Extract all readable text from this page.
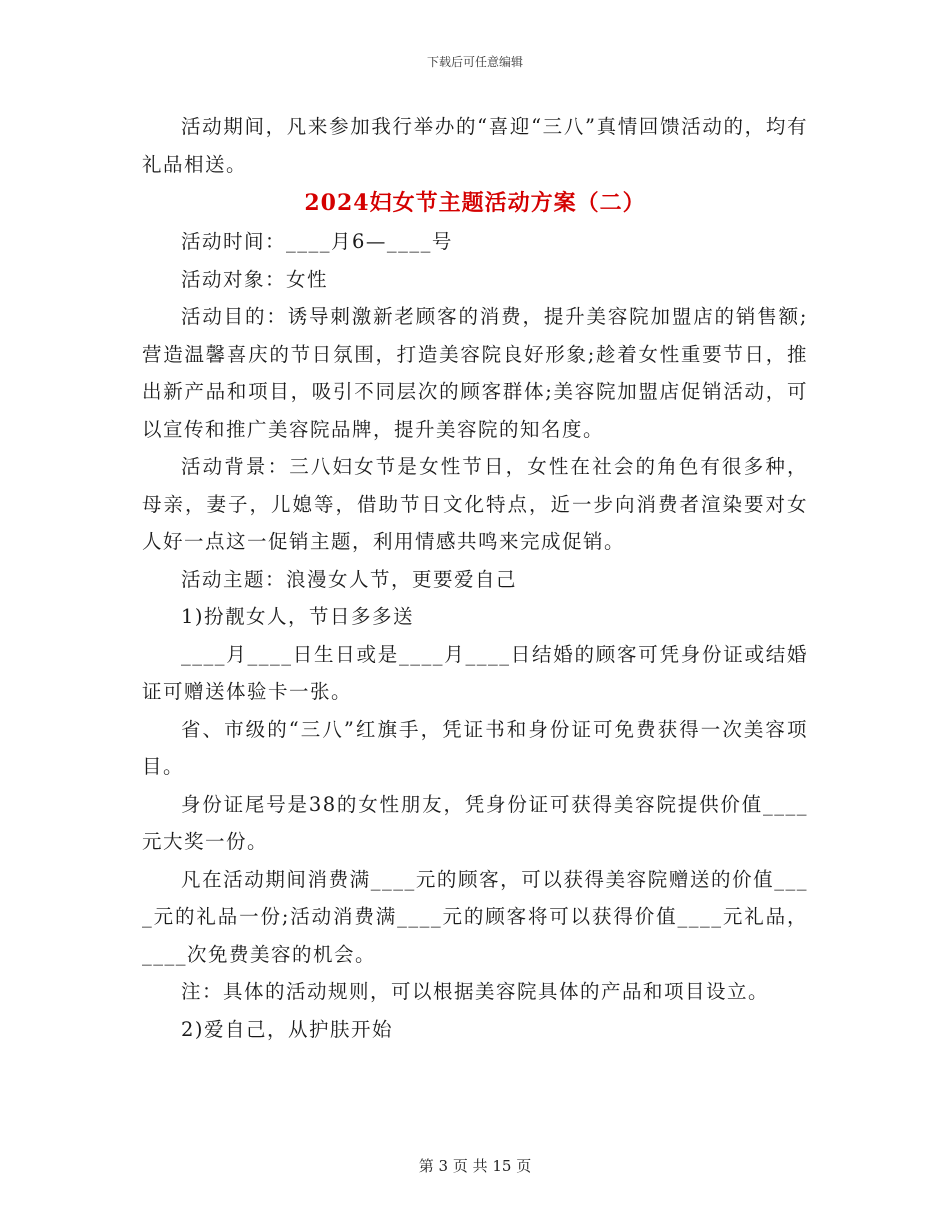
下载后可任意编辑

活动期间，凡来参加我行举办的“喜迎“三八”真情回馈活动的，均有礼品相送。

2024妇女节主题活动方案（二）

活动时间：____月6—____号

活动对象：女性

活动目的：诱导刺激新老顾客的消费，提升美容院加盟店的销售额;营造温馨喜庆的节日氛围，打造美容院良好形象;趁着女性重要节日，推出新产品和项目，吸引不同层次的顾客群体;美容院加盟店促销活动，可以宣传和推广美容院品牌，提升美容院的知名度。

活动背景：三八妇女节是女性节日，女性在社会的角色有很多种，母亲，妻子，儿媳等，借助节日文化特点，近一步向消费者渲染要对女人好一点这一促销主题，利用情感共鸣来完成促销。

活动主题：浪漫女人节，更要爱自己

1)扮靓女人，节日多多送

____月____日生日或是____月____日结婚的顾客可凭身份证或结婚证可赠送体验卡一张。

省、市级的“三八”红旗手，凭证书和身份证可免费获得一次美容项目。

身份证尾号是38的女性朋友，凭身份证可获得美容院提供价值____元大奖一份。

凡在活动期间消费满____元的顾客，可以获得美容院赠送的价值____元的礼品一份;活动消费满____元的顾客将可以获得价值____元礼品，____次免费美容的机会。

注：具体的活动规则，可以根据美容院具体的产品和项目设立。

2)爱自己，从护肤开始

第 3 页 共 15 页
